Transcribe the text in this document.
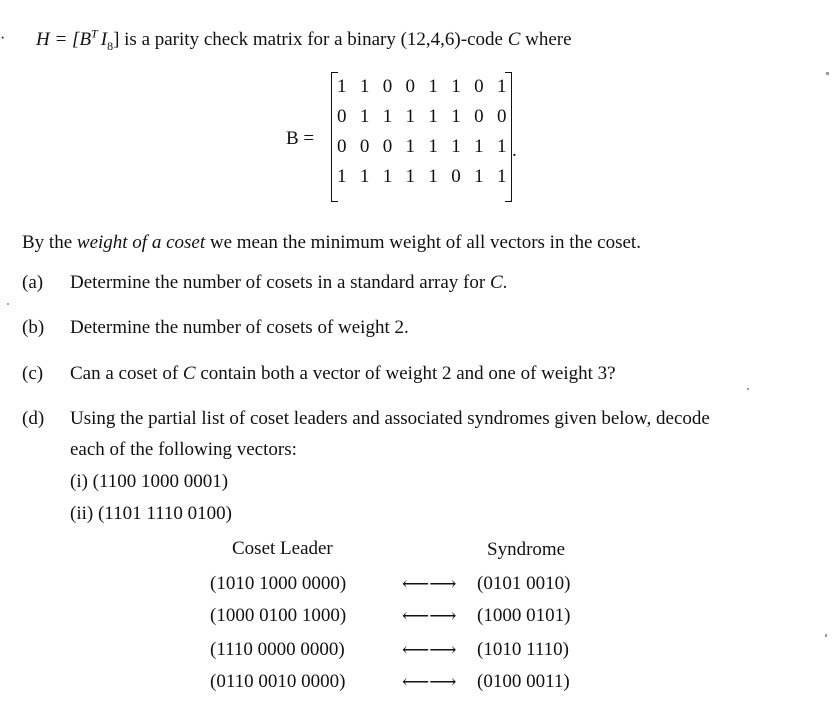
· $H = [B^T$ $I_8$] is a parity check matrix for a binary (12,4,6)-code C where
B =
1 1 0 0 1 1 0 1
0 1 1 1 1 1 0 0
0 0 0 1 1 1 1 1
1 1 1 1 1 0 1 1
.
By the weight of a coset we mean the minimum weight of all vectors in the coset.
(a) Determine the number of cosets in a standard array for C.
(b) Determine the number of cosets of weight 2.
(c) Can a coset of C contain both a vector of weight 2 and one of weight 3?
(d) Using the partial list of coset leaders and associated syndromes given below, decode
each of the following vectors:
(i) (1100 1000 0001)
(ii) (1101 1110 0100)
Coset Leader	Syndrome
(1010 1000 0000)	⟵⟶ (0101 0010)
(1000 0100 1000)	⟵⟶ (1000 0101)
(1110 0000 0000)	⟵⟶ (1010 1110)
(0110 0010 0000)	⟵⟶ (0100 0011)
